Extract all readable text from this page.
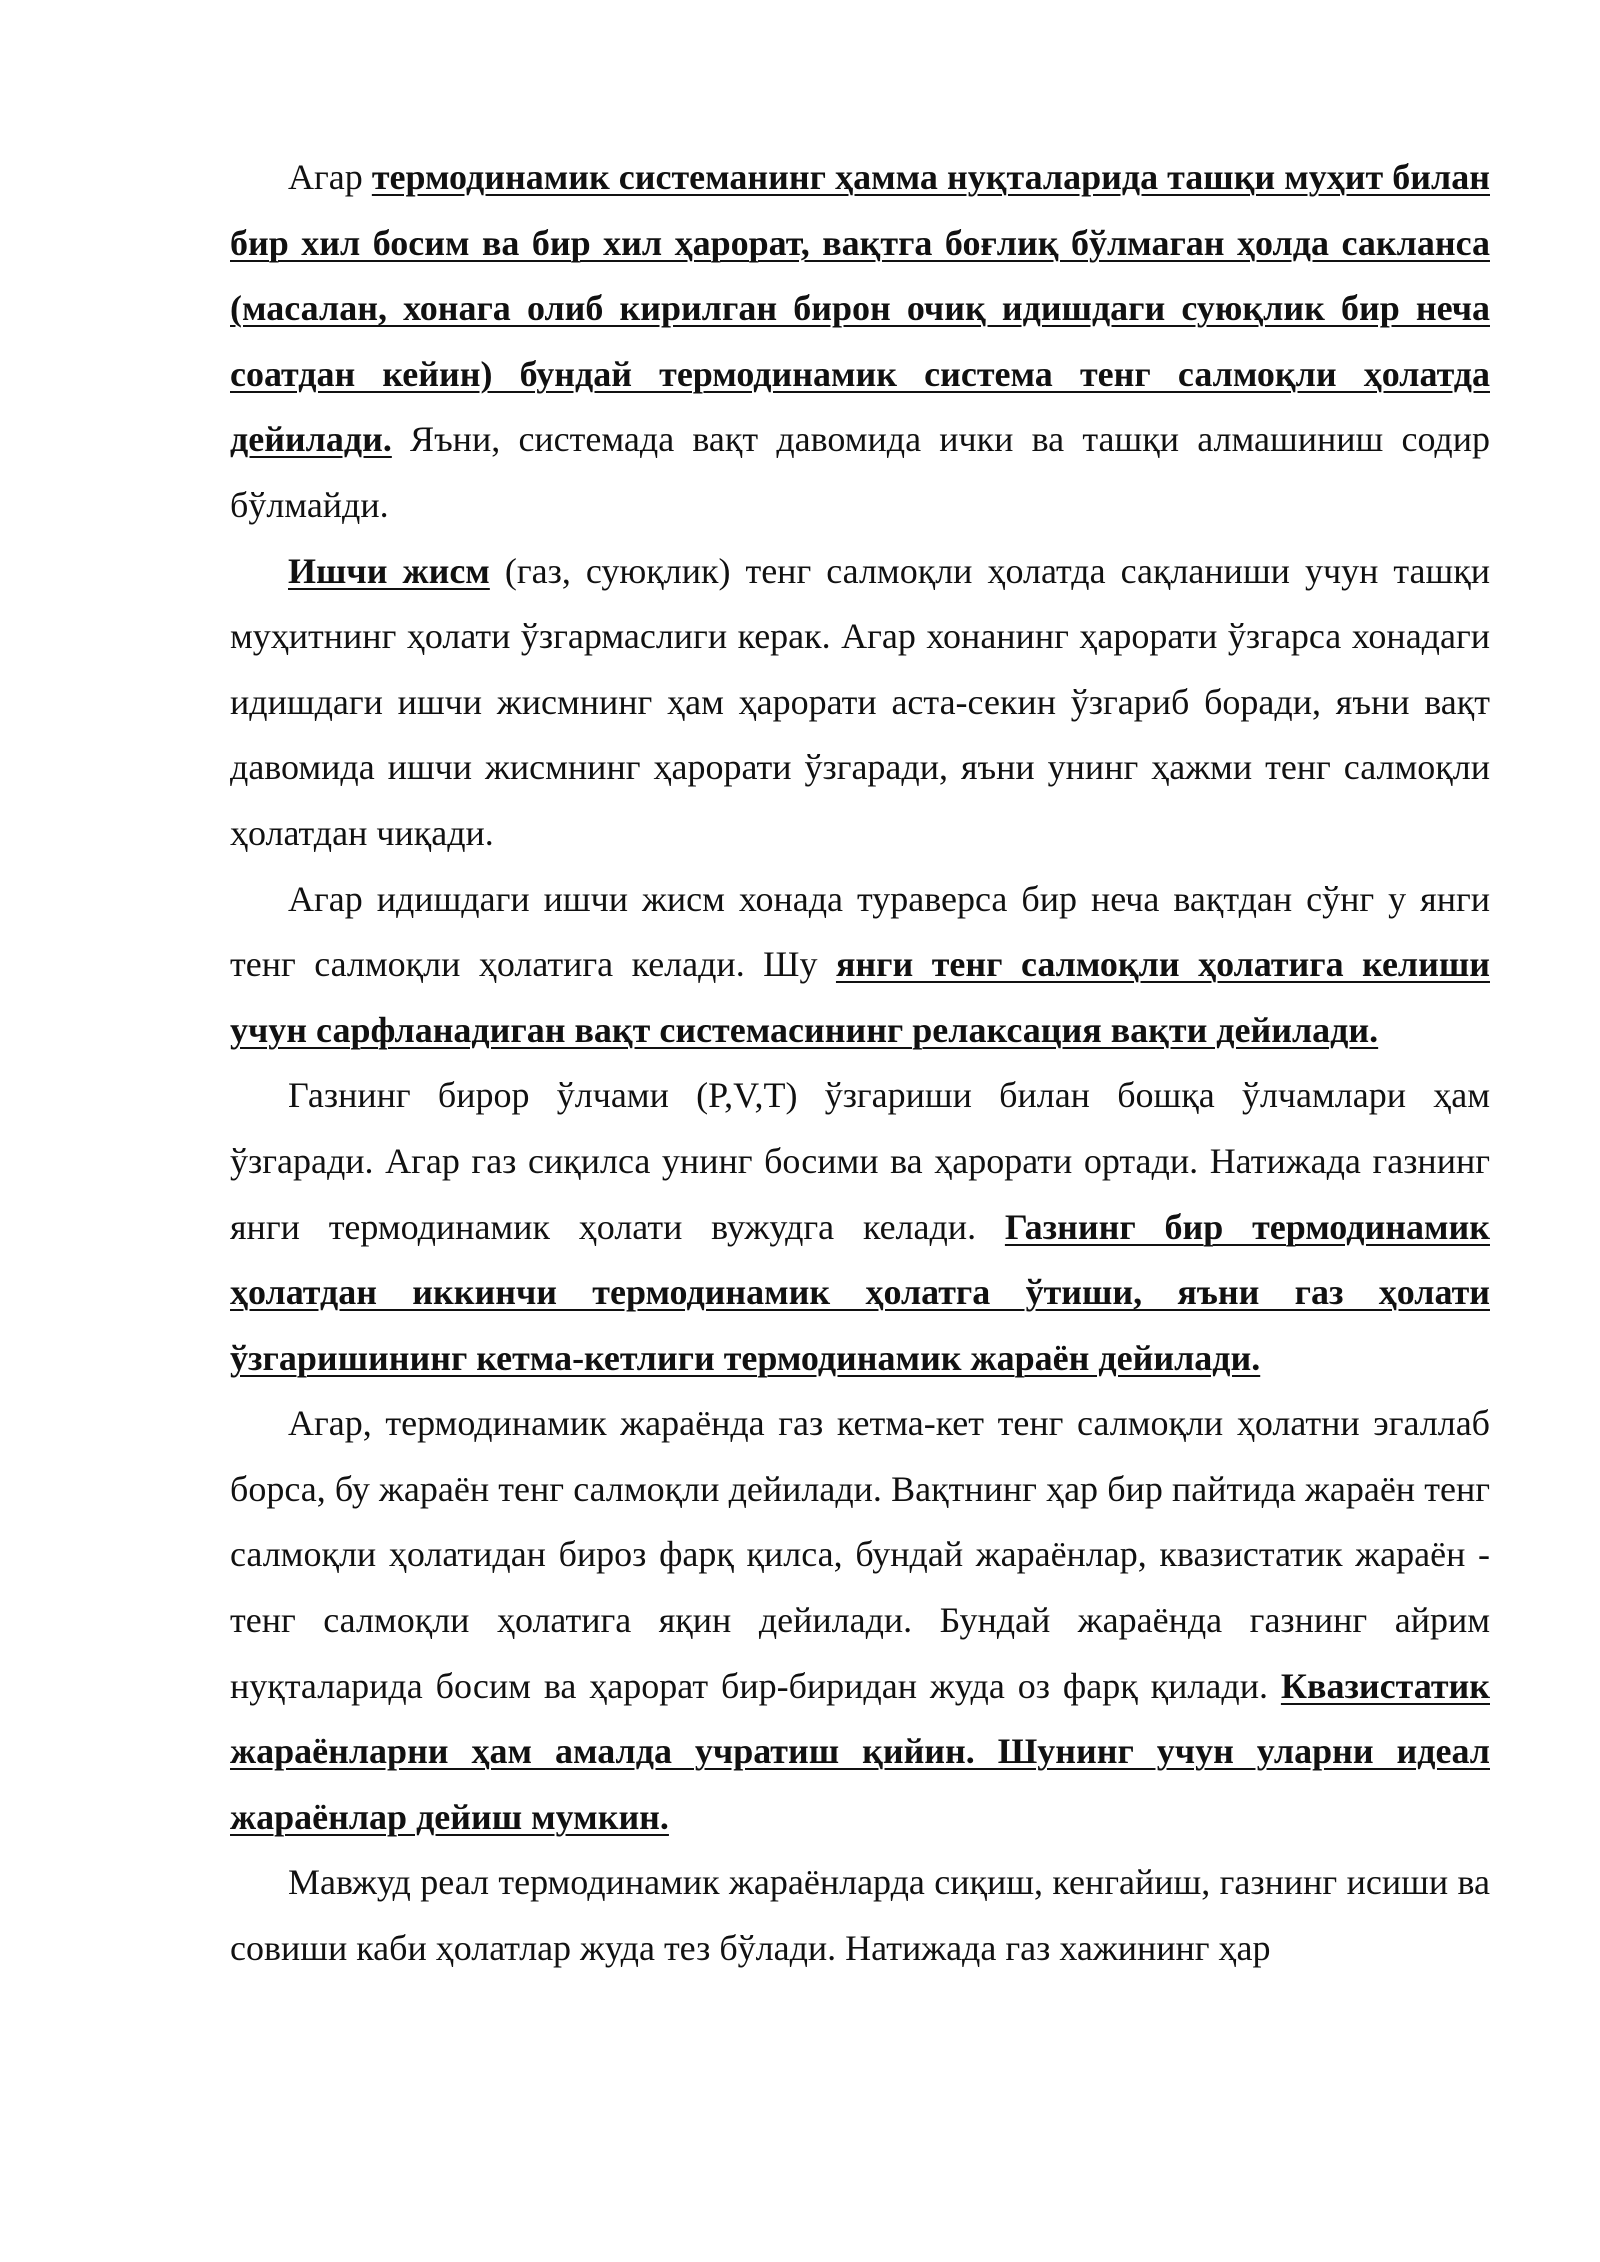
Агар термодинамик системанинг ҳамма нуқталарида ташқи муҳит билан бир хил босим ва бир хил ҳарорат, вақтга боғлиқ бўлмаган ҳолда сакланса (масалан, хонага олиб кирилган бирон очиқ идишдаги суюқлик бир неча соатдан кейин) бундай термодинамик система тенг салмоқли ҳолатда дейилади. Яъни, системада вақт давомида ички ва ташқи алмашиниш содир бўлмайди.

Ишчи жисм (газ, суюқлик) тенг салмоқли ҳолатда сақланиши учун ташқи муҳитнинг ҳолати ўзгармаслиги керак. Агар хонанинг ҳарорати ўзгарса хонадаги идишдаги ишчи жисмнинг ҳам ҳарорати аста-секин ўзгариб боради, яъни вақт давомида ишчи жисмнинг ҳарорати ўзгаради, яъни унинг ҳажми тенг салмоқли ҳолатдан чиқади.

Агар идишдаги ишчи жисм хонада тураверса бир неча вақтдан сўнг у янги тенг салмоқли ҳолатига келади. Шу янги тенг салмоқли ҳолатига келиши учун сарфланадиган вақт системасининг релаксация вақти дейилади.

Газнинг бирор ўлчами (P,V,T) ўзгариши билан бошқа ўлчамлари ҳам ўзгаради. Агар газ сиқилса унинг босими ва ҳарорати ортади. Натижада газнинг янги термодинамик ҳолати вужудга келади. Газнинг бир термодинамик ҳолатдан иккинчи термодинамик ҳолатга ўтиши, яъни газ ҳолати ўзгаришининг кетма-кетлиги термодинамик жараён дейилади.

Агар, термодинамик жараёнда газ кетма-кет тенг салмоқли ҳолатни эгаллаб борса, бу жараён тенг салмоқли дейилади. Вақтнинг ҳар бир пайтида жараён тенг салмоқли ҳолатидан бироз фарқ қилса, бундай жараёнлар, квазистатик жараён - тенг салмоқли ҳолатига яқин дейилади. Бундай жараёнда газнинг айрим нуқталарида босим ва ҳарорат бир-биридан жуда оз фарқ қилади. Квазистатик жараёнларни ҳам амалда учратиш қийин. Шунинг учун уларни идеал жараёнлар дейиш мумкин.

Мавжуд реал термодинамик жараёнларда сиқиш, кенгайиш, газнинг исиши ва совиши каби ҳолатлар жуда тез бўлади. Натижада газ хажининг ҳар
